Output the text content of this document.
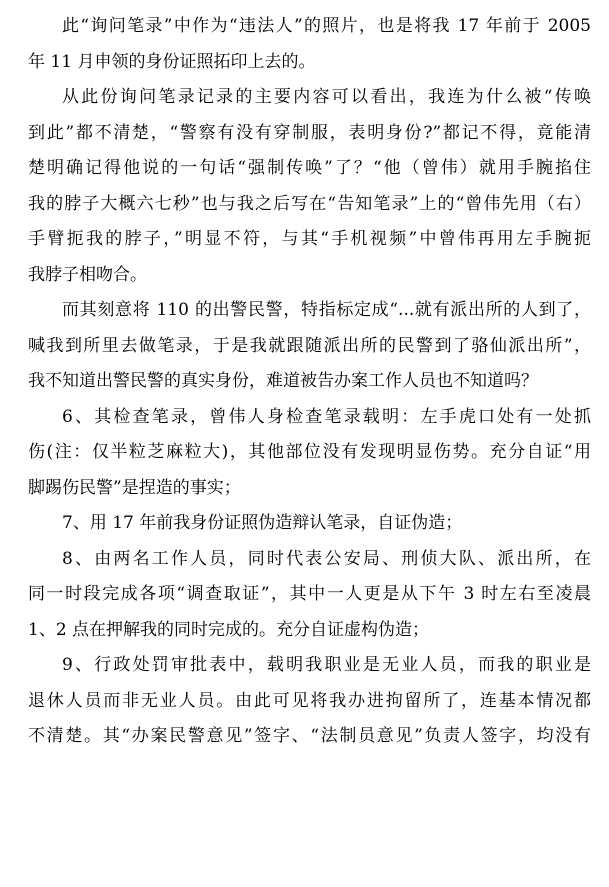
此“询问笔录”中作为“违法人”的照片，也是将我 17 年前于 2005
年 11 月申领的身份证照拓印上去的。
从此份询问笔录记录的主要内容可以看出，我连为什么被“传唤
到此”都不清楚，“警察有没有穿制服，表明身份?”都记不得，竟能清
楚明确记得他说的一句话“强制传唤”了？“他（曾伟）就用手腕掐住
我的脖子大概六七秒”也与我之后写在“告知笔录”上的“曾伟先用（右）
手臂扼我的脖子，”明显不符，与其“手机视频”中曾伟再用左手腕扼
我脖子相吻合。
而其刻意将 110 的出警民警，特指标定成“...就有派出所的人到了，
喊我到所里去做笔录，于是我就跟随派出所的民警到了骆仙派出所”，
我不知道出警民警的真实身份，难道被告办案工作人员也不知道吗？
6、其检查笔录，曾伟人身检查笔录载明：左手虎口处有一处抓
伤(注：仅半粒芝麻粒大)，其他部位没有发现明显伤势。充分自证“用
脚踢伤民警”是捏造的事实；
7、用 17 年前我身份证照伪造辩认笔录，自证伪造；
8、由两名工作人员，同时代表公安局、刑侦大队、派出所，在
同一时段完成各项“调查取证”，其中一人更是从下午 3 时左右至凌晨
1、2 点在押解我的同时完成的。充分自证虚构伪造；
9、行政处罚审批表中，载明我职业是无业人员，而我的职业是
退休人员而非无业人员。由此可见将我办进拘留所了，连基本情况都
不清楚。其“办案民警意见”签字、“法制员意见”负责人签字，均没有
